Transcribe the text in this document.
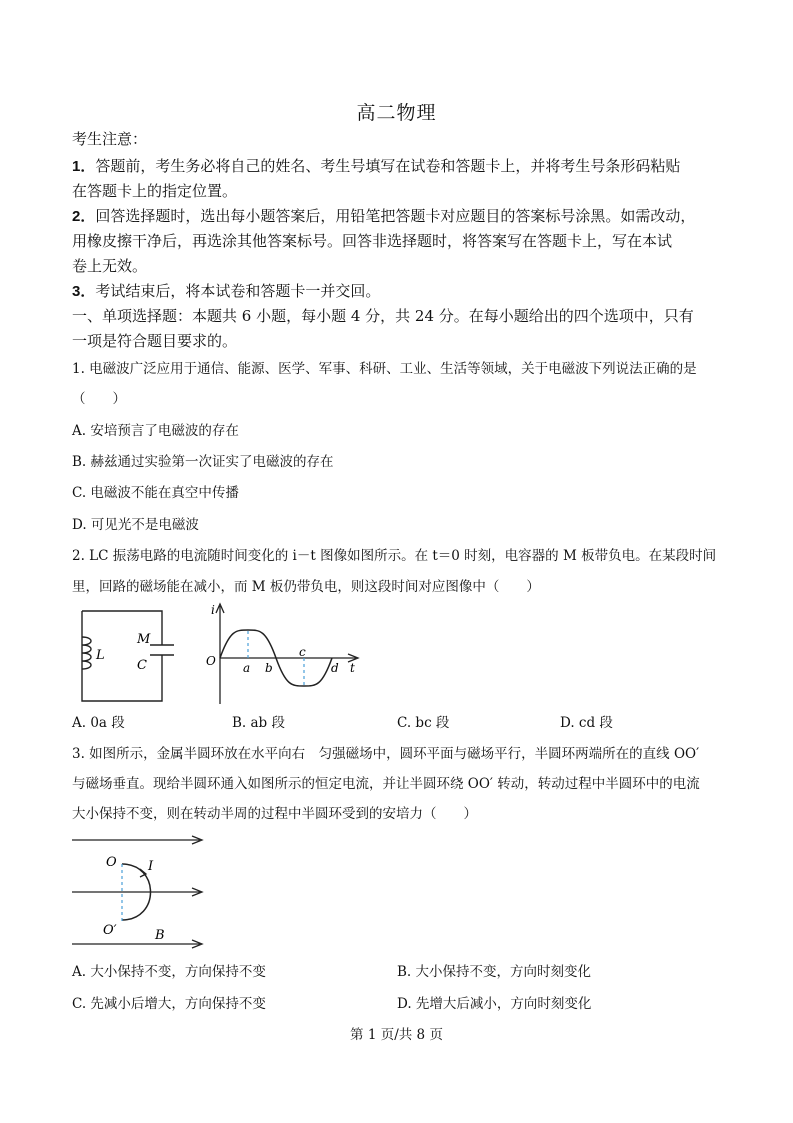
高二物理
考生注意：
1．答题前，考生务必将自己的姓名、考生号填写在试卷和答题卡上，并将考生号条形码粘贴
在答题卡上的指定位置。
2．回答选择题时，选出每小题答案后，用铅笔把答题卡对应题目的答案标号涂黑。如需改动，
用橡皮擦干净后，再选涂其他答案标号。回答非选择题时，将答案写在答题卡上，写在本试
卷上无效。
3．考试结束后，将本试卷和答题卡一并交回。
一、单项选择题：本题共 6 小题，每小题 4 分，共 24 分。在每小题给出的四个选项中，只有
一项是符合题目要求的。
1. 电磁波广泛应用于通信、能源、医学、军事、科研、工业、生活等领域，关于电磁波下列说法正确的是
（　　）
A. 安培预言了电磁波的存在
B. 赫兹通过实验第一次证实了电磁波的存在
C. 电磁波不能在真空中传播
D. 可见光不是电磁波
2. LC 振荡电路的电流随时间变化的 i－t 图像如图所示。在 t＝0 时刻，电容器的 M 板带负电。在某段时间
里，回路的磁场能在减小，而 M 板仍带负电，则这段时间对应图像中（　　）
L
M
C
i
O a b
c
d t
A. 0a 段	B. ab 段	C. bc 段	D. cd 段
3. 如图所示，金属半圆环放在水平向右　匀强磁场中，圆环平面与磁场平行，半圆环两端所在的直线 OO′
与磁场垂直。现给半圆环通入如图所示的恒定电流，并让半圆环绕 OO′ 转动，转动过程中半圆环中的电流
大小保持不变，则在转动半周的过程中半圆环受到的安培力（　　）
O I
O′	B
A. 大小保持不变，方向保持不变	B. 大小保持不变，方向时刻变化
C. 先减小后增大，方向保持不变	D. 先增大后减小，方向时刻变化
第 1 页/共 8 页
